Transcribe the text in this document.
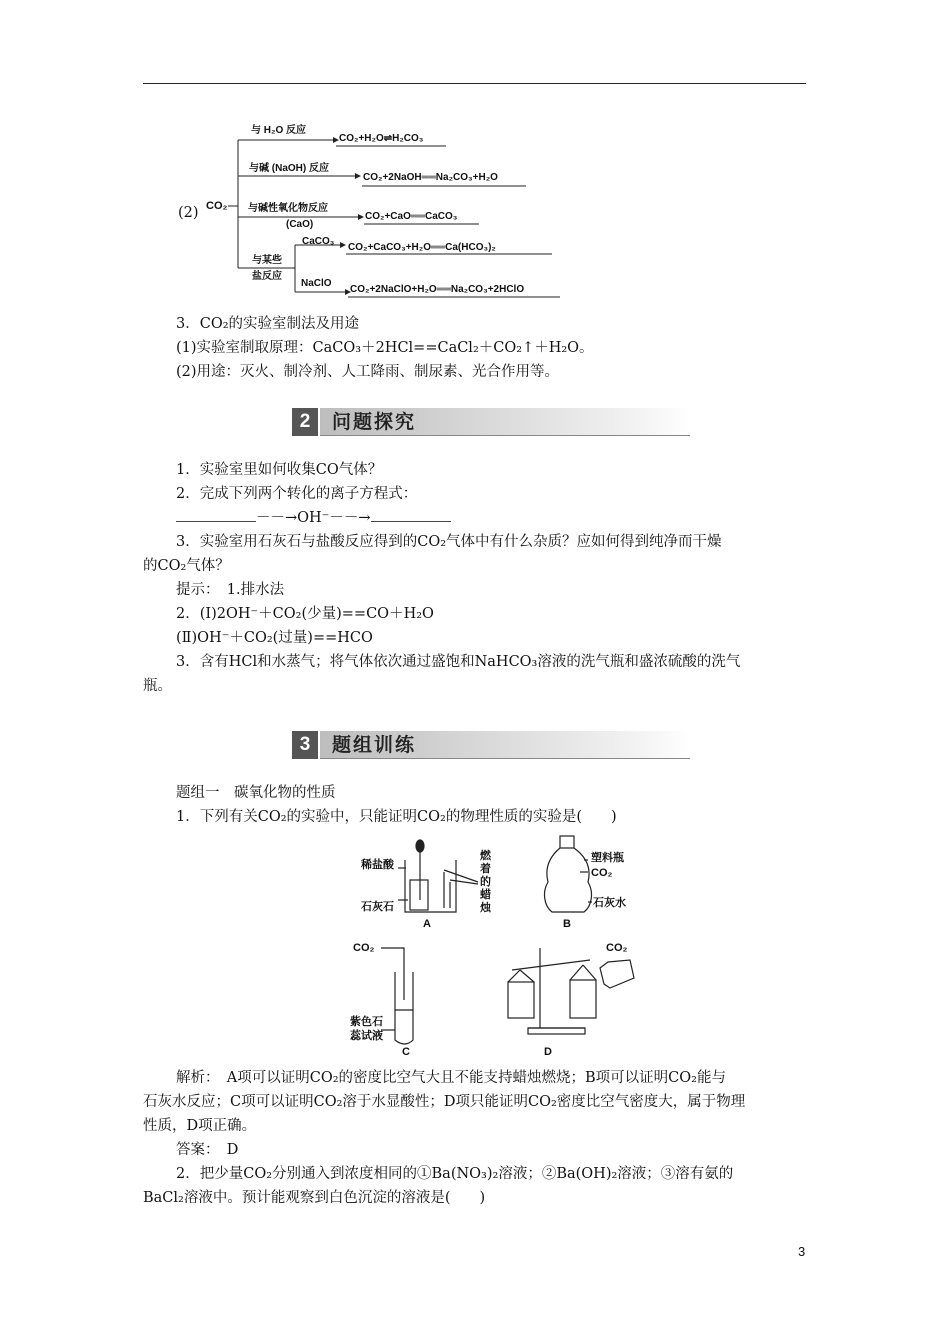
(2) CO₂
与 H₂O 反应
CO₂+H₂O⇌H₂CO₃
与碱 (NaOH) 反应
CO₂+2NaOH══Na₂CO₃+H₂O
与碱性氧化物反应
(CaO)
CO₂+CaO══CaCO₃
与某些
盐反应
CaCO₃
CO₂+CaCO₃+H₂O══Ca(HCO₃)₂
NaClO
CO₂+2NaClO+H₂O══Na₂CO₃+2HClO
3．CO₂的实验室制法及用途
(1)实验室制取原理：CaCO₃＋2HCl==CaCl₂＋CO₂↑＋H₂O。
(2)用途：灭火、制冷剂、人工降雨、制尿素、光合作用等。
2	问题探究
1．实验室里如何收集CO气体？
2．完成下列两个转化的离子方程式：
－－→OH⁻－－→
3．实验室用石灰石与盐酸反应得到的CO₂气体中有什么杂质？应如何得到纯净而干燥
的CO₂气体？
提示：　1.排水法
2．(Ⅰ)2OH⁻＋CO₂(少量)==CO＋H₂O
(Ⅱ)OH⁻＋CO₂(过量)==HCO
3．含有HCl和水蒸气；将气体依次通过盛饱和NaHCO₃溶液的洗气瓶和盛浓硫酸的洗气
瓶。
3	题组训练
题组一　碳氧化物的性质
1．下列有关CO₂的实验中，只能证明CO₂的物理性质的实验是(　　)
稀盐酸
石灰石
燃
着
的
蜡
烛
A
塑料瓶
CO₂
石灰水
B
CO₂
紫色石
蕊试液
C
CO₂
D
解析：　A项可以证明CO₂的密度比空气大且不能支持蜡烛燃烧；B项可以证明CO₂能与
石灰水反应；C项可以证明CO₂溶于水显酸性；D项只能证明CO₂密度比空气密度大，属于物理
性质，D项正确。
答案：　D
2．把少量CO₂分别通入到浓度相同的①Ba(NO₃)₂溶液；②Ba(OH)₂溶液；③溶有氨的
BaCl₂溶液中。预计能观察到白色沉淀的溶液是(　　)
3
